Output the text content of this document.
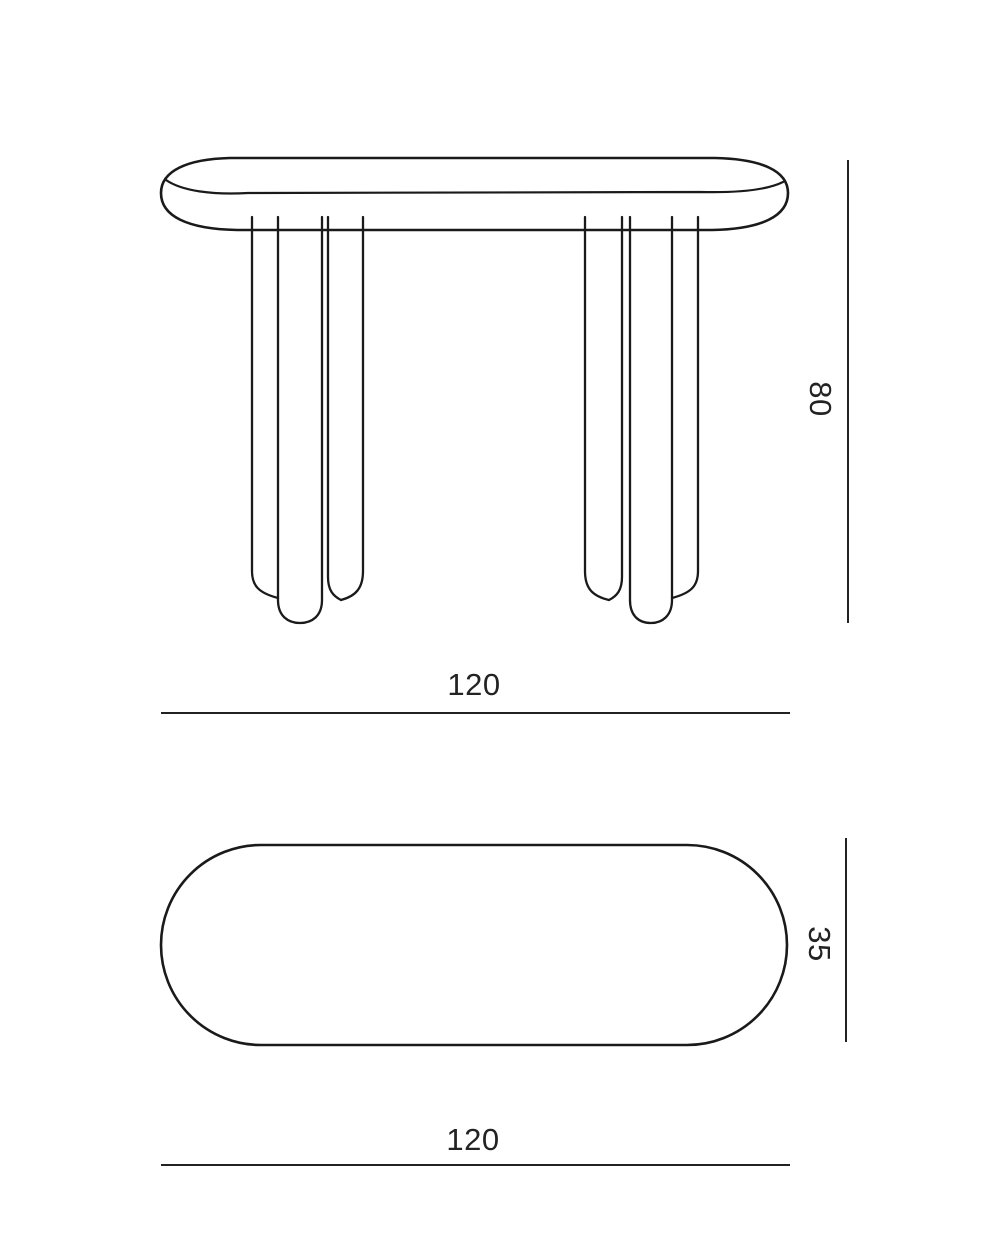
80
120
35
120
